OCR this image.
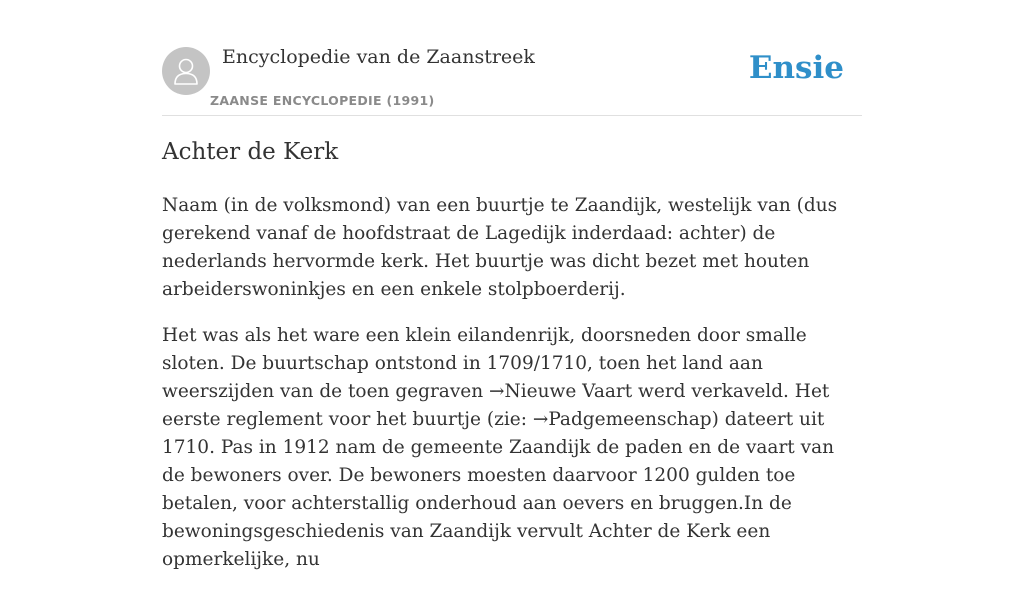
Encyclopedie van de Zaanstreek
ZAANSE ENCYCLOPEDIE (1991)
Ensie
Achter de Kerk

Naam (in de volksmond) van een buurtje te Zaandijk, westelijk van (dus gerekend vanaf de hoofdstraat de Lagedijk inderdaad: achter) de nederlands hervormde kerk. Het buurtje was dicht bezet met houten arbeiderswoninkjes en een enkele stolpboerderij.

Het was als het ware een klein eilandenrijk, doorsneden door smalle sloten. De buurtschap ontstond in 1709/1710, toen het land aan weerszijden van de toen gegraven →Nieuwe Vaart werd verkaveld. Het eerste reglement voor het buurtje (zie: →Padgemeenschap) dateert uit 1710. Pas in 1912 nam de gemeente Zaandijk de paden en de vaart van de bewoners over. De bewoners moesten daarvoor 1200 gulden toe betalen, voor achterstallig onderhoud aan oevers en bruggen.In de bewoningsgeschiedenis van Zaandijk vervult Achter de Kerk een opmerkelijke, nu
